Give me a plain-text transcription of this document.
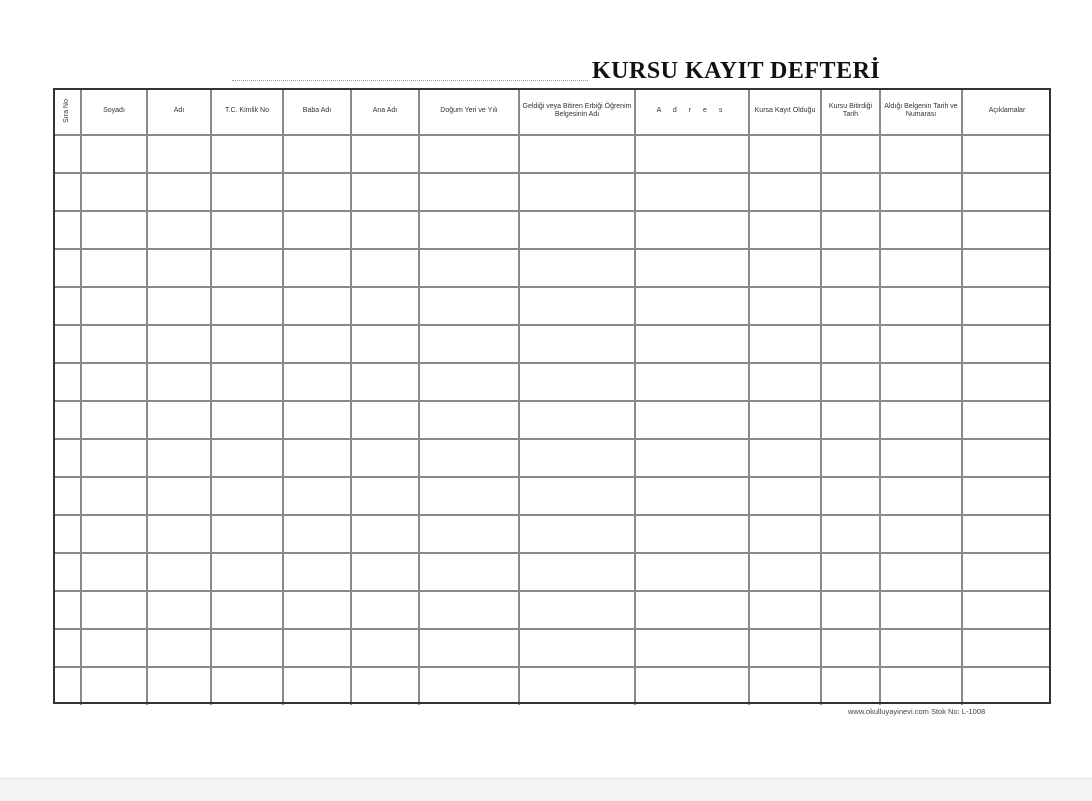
KURSU KAYIT DEFTERİ
Sıra No	Soyadı	Adı	T.C. Kimlik No	Baba Adı	Ana Adı	Doğum Yeri ve Yılı	Geldiği veya Bitiren Erbiği Öğrenim Belgesinin Adı	A d r e s	Kursa Kayıt Olduğu	Kursu Bitirdiği Tarih	Aldığı Belgenin Tarih ve Numarası	Açıklamalar

www.okulluyayinevi.com Stok No: L-1008
